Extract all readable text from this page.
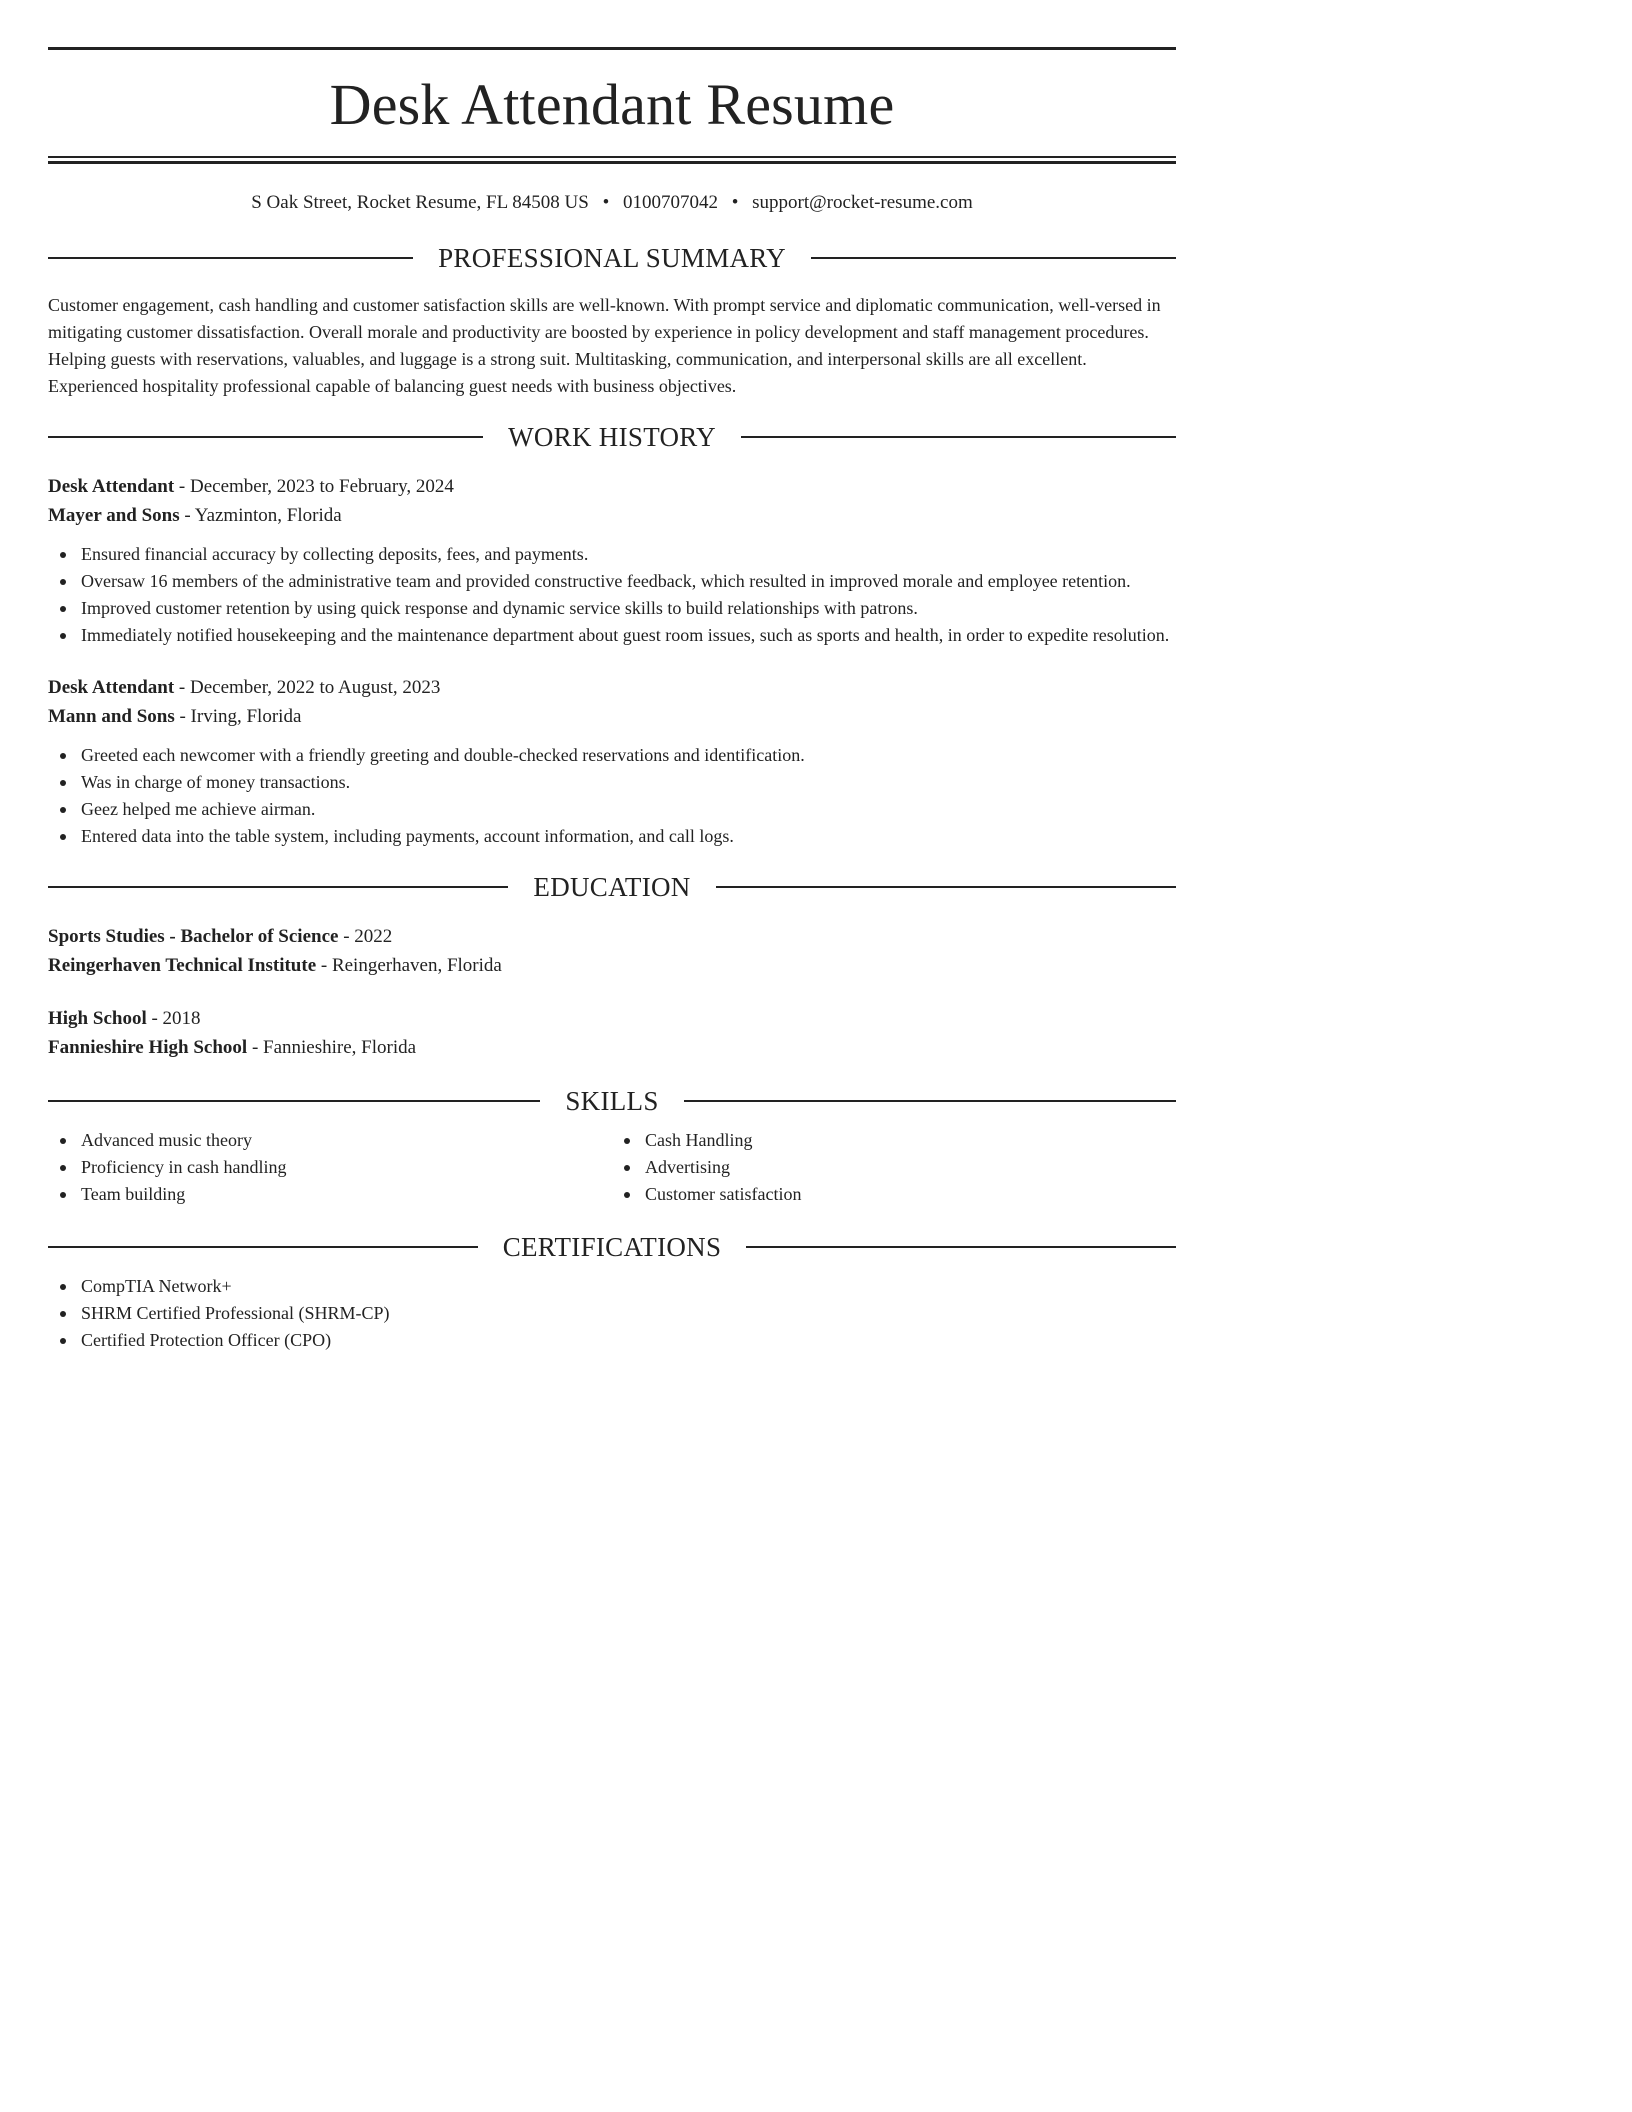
Desk Attendant Resume
S Oak Street, Rocket Resume, FL 84508 US • 0100707042 • support@rocket-resume.com
PROFESSIONAL SUMMARY

Customer engagement, cash handling and customer satisfaction skills are well-known. With prompt service and diplomatic communication, well-versed in mitigating customer dissatisfaction. Overall morale and productivity are boosted by experience in policy development and staff management procedures. Helping guests with reservations, valuables, and luggage is a strong suit. Multitasking, communication, and interpersonal skills are all excellent. Experienced hospitality professional capable of balancing guest needs with business objectives.

WORK HISTORY
Desk Attendant - December, 2023 to February, 2024
Mayer and Sons - Yazminton, Florida
Ensured financial accuracy by collecting deposits, fees, and payments.
Oversaw 16 members of the administrative team and provided constructive feedback, which resulted in improved morale and employee retention.
Improved customer retention by using quick response and dynamic service skills to build relationships with patrons.
Immediately notified housekeeping and the maintenance department about guest room issues, such as sports and health, in order to expedite resolution.
Desk Attendant - December, 2022 to August, 2023
Mann and Sons - Irving, Florida
Greeted each newcomer with a friendly greeting and double-checked reservations and identification.
Was in charge of money transactions.
Geez helped me achieve airman.
Entered data into the table system, including payments, account information, and call logs.
EDUCATION
Sports Studies - Bachelor of Science - 2022
Reingerhaven Technical Institute - Reingerhaven, Florida
High School - 2018
Fannieshire High School - Fannieshire, Florida
SKILLS
Advanced music theory
Proficiency in cash handling
Team building
Cash Handling
Advertising
Customer satisfaction
CERTIFICATIONS
CompTIA Network+
SHRM Certified Professional (SHRM-CP)
Certified Protection Officer (CPO)
